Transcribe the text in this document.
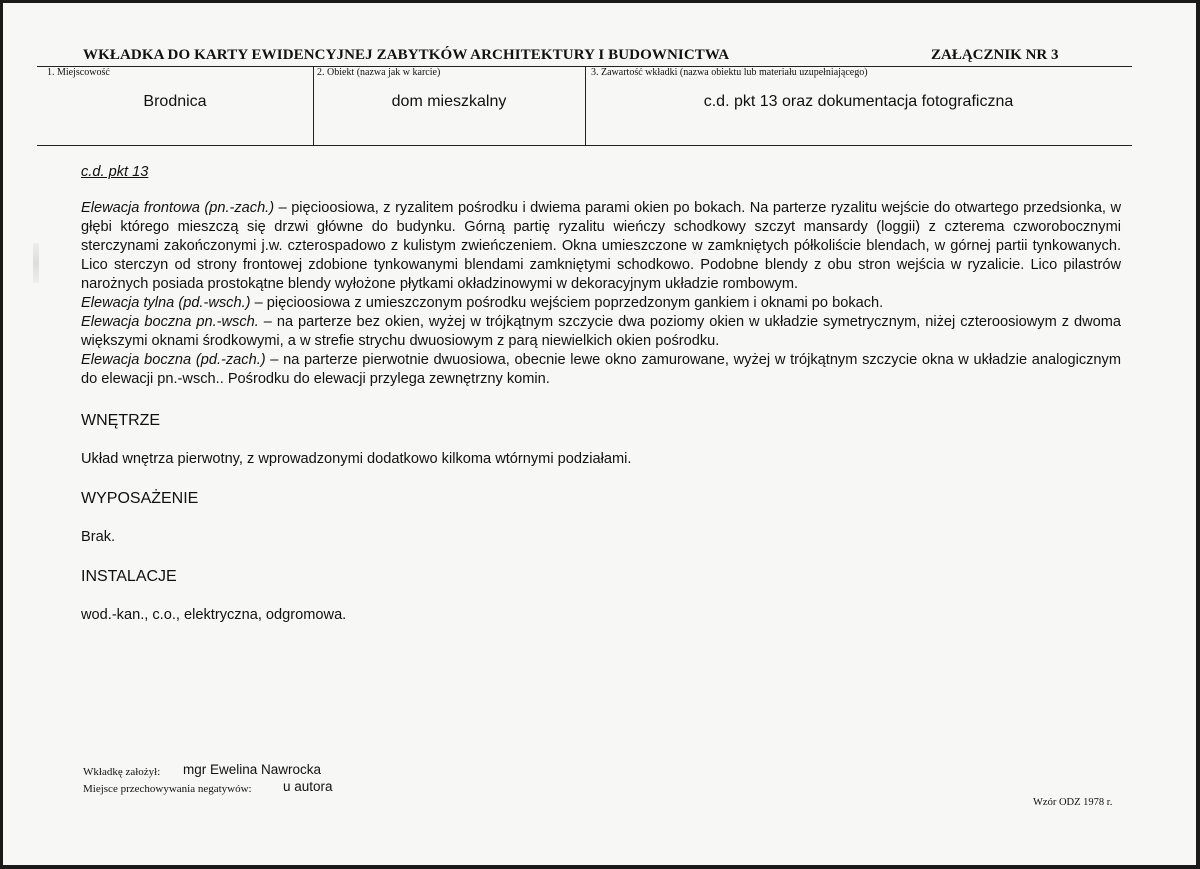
WKŁADKA DO KARTY EWIDENCYJNEJ ZABYTKÓW ARCHITEKTURY I BUDOWNICTWA	ZAŁĄCZNIK NR 3
1. Miejscowość	2. Obiekt (nazwa jak w karcie)	3. Zawartość wkładki (nazwa obiektu lub materiału uzupełniającego)
Brodnica	dom mieszkalny	c.d. pkt 13 oraz dokumentacja fotograficzna

c.d. pkt 13

Elewacja frontowa (pn.-zach.) – pięcioosiowa, z ryzalitem pośrodku i dwiema parami okien po bokach. Na parterze ryzalitu wejście do otwartego przedsionka, w głębi którego mieszczą się drzwi główne do budynku. Górną partię ryzalitu wieńczy schodkowy szczyt mansardy (loggii) z czterema czworobocznymi sterczynami zakończonymi j.w. czterospadowo z kulistym zwieńczeniem. Okna umieszczone w zamkniętych półkoliście blendach, w górnej partii tynkowanych. Lico sterczyn od strony frontowej zdobione tynkowanymi blendami zamkniętymi schodkowo. Podobne blendy z obu stron wejścia w ryzalicie. Lico pilastrów narożnych posiada prostokątne blendy wyłożone płytkami okładzinowymi w dekoracyjnym układzie rombowym.

Elewacja tylna (pd.-wsch.) – pięcioosiowa z umieszczonym pośrodku wejściem poprzedzonym gankiem i oknami po bokach.

Elewacja boczna pn.-wsch. – na parterze bez okien, wyżej w trójkątnym szczycie dwa poziomy okien w układzie symetrycznym, niżej czteroosiowym z dwoma większymi oknami środkowymi, a w strefie strychu dwuosiowym z parą niewielkich okien pośrodku.

Elewacja boczna (pd.-zach.) – na parterze pierwotnie dwuosiowa, obecnie lewe okno zamurowane, wyżej w trójkątnym szczycie okna w układzie analogicznym do elewacji pn.-wsch.. Pośrodku do elewacji przylega zewnętrzny komin.

WNĘTRZE

Układ wnętrza pierwotny, z wprowadzonymi dodatkowo kilkoma wtórnymi podziałami.

WYPOSAŻENIE

Brak.

INSTALACJE

wod.-kan., c.o., elektryczna, odgromowa.

Wkładkę założył: mgr Ewelina Nawrocka
Miejsce przechowywania negatywów: u autora
Wzór ODZ 1978 r.
